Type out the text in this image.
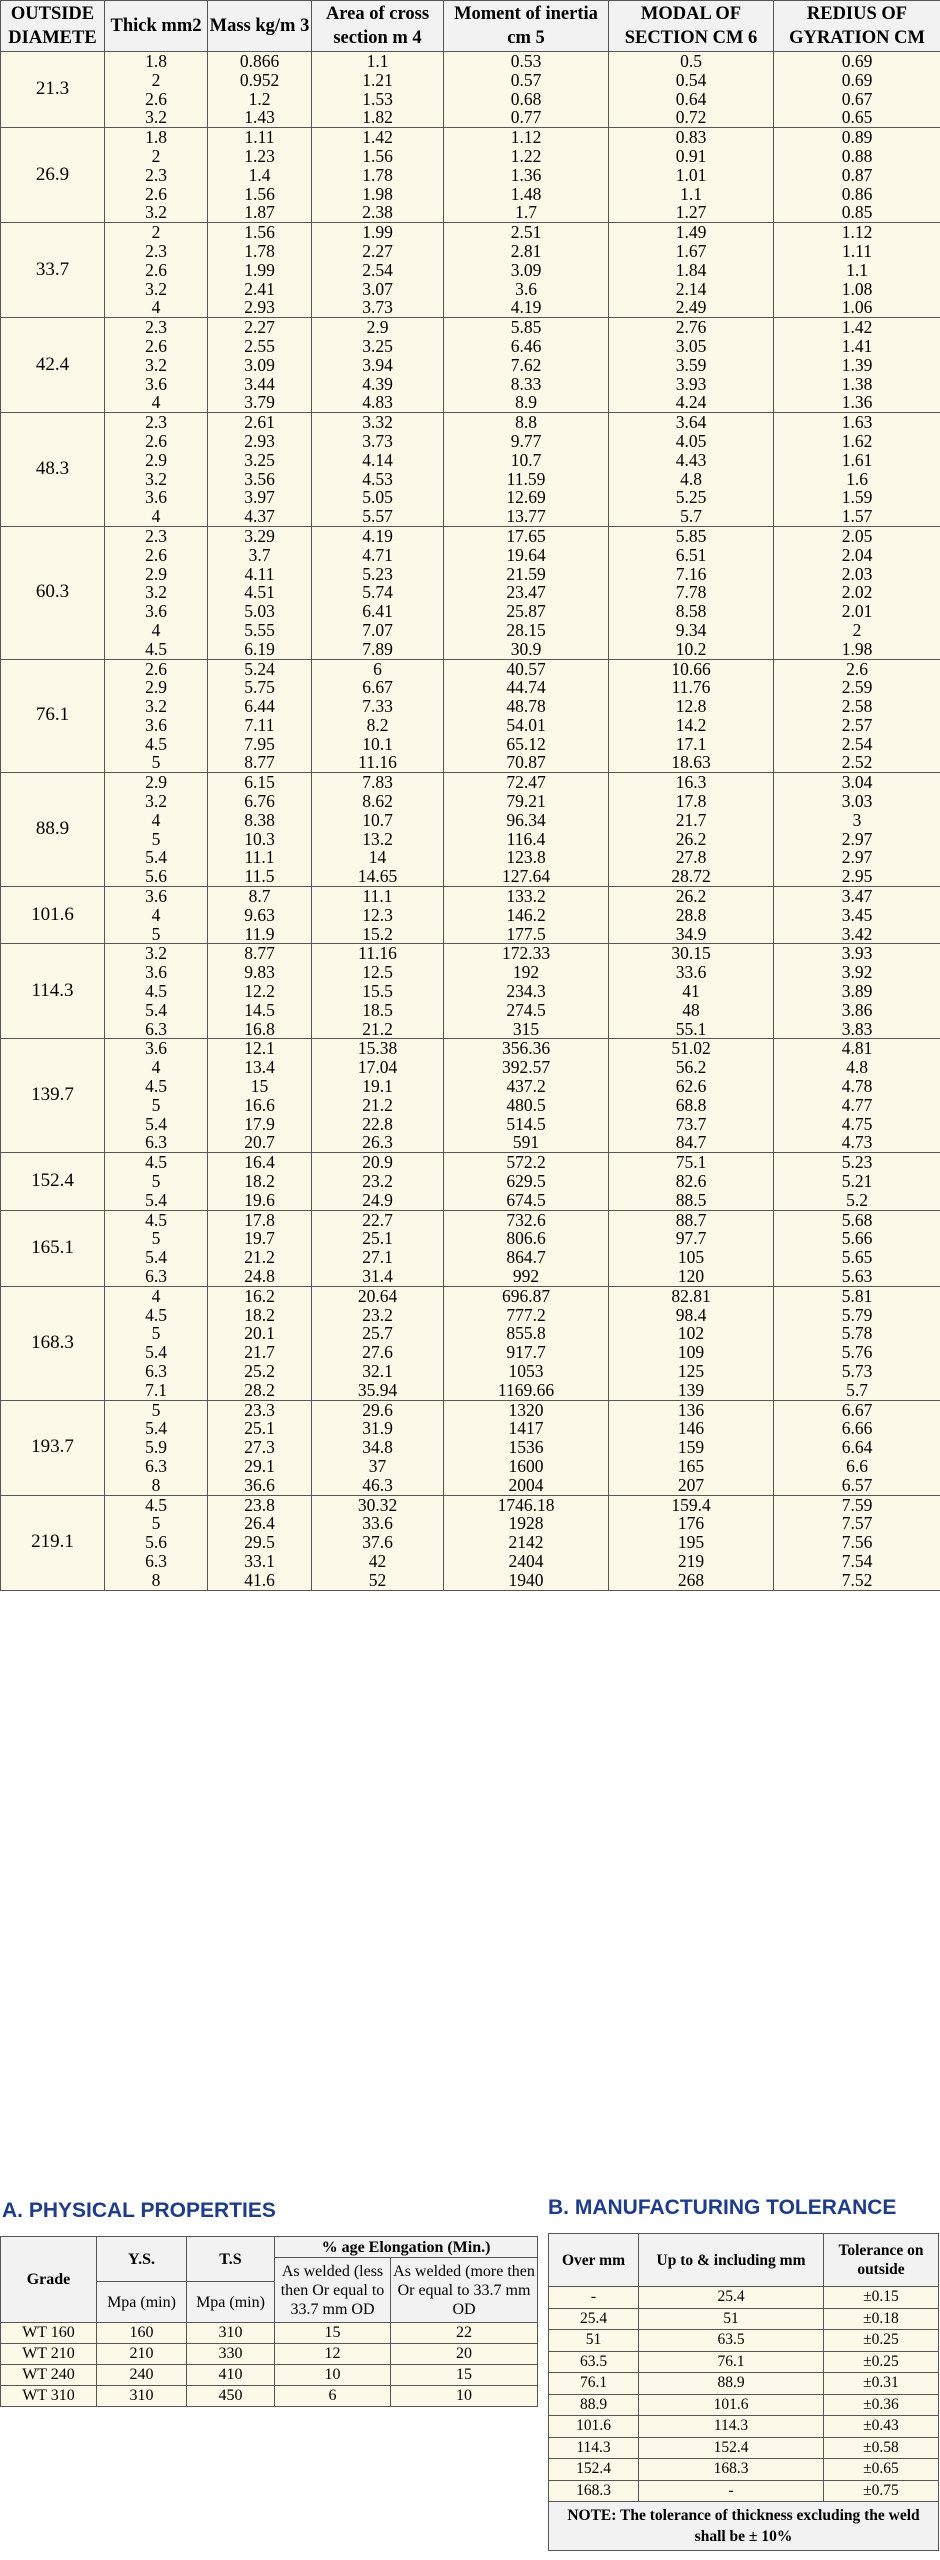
OUTSIDE DIAMETE	Thick mm2	Mass kg/m 3	Area of cross section m 4	Moment of inertia cm 5	MODAL OF SECTION CM 6	REDIUS OF GYRATION CM
21.3	1.8	0.866	1.1	0.53	0.5	0.69
	2	0.952	1.21	0.57	0.54	0.69
	2.6	1.2	1.53	0.68	0.64	0.67
	3.2	1.43	1.82	0.77	0.72	0.65
26.9	1.8	1.11	1.42	1.12	0.83	0.89
	2	1.23	1.56	1.22	0.91	0.88
	2.3	1.4	1.78	1.36	1.01	0.87
	2.6	1.56	1.98	1.48	1.1	0.86
	3.2	1.87	2.38	1.7	1.27	0.85
33.7	2	1.56	1.99	2.51	1.49	1.12
	2.3	1.78	2.27	2.81	1.67	1.11
	2.6	1.99	2.54	3.09	1.84	1.1
	3.2	2.41	3.07	3.6	2.14	1.08
	4	2.93	3.73	4.19	2.49	1.06
42.4	2.3	2.27	2.9	5.85	2.76	1.42
	2.6	2.55	3.25	6.46	3.05	1.41
	3.2	3.09	3.94	7.62	3.59	1.39
	3.6	3.44	4.39	8.33	3.93	1.38
	4	3.79	4.83	8.9	4.24	1.36
48.3	2.3	2.61	3.32	8.8	3.64	1.63
	2.6	2.93	3.73	9.77	4.05	1.62
	2.9	3.25	4.14	10.7	4.43	1.61
	3.2	3.56	4.53	11.59	4.8	1.6
	3.6	3.97	5.05	12.69	5.25	1.59
	4	4.37	5.57	13.77	5.7	1.57
60.3	2.3	3.29	4.19	17.65	5.85	2.05
	2.6	3.7	4.71	19.64	6.51	2.04
	2.9	4.11	5.23	21.59	7.16	2.03
	3.2	4.51	5.74	23.47	7.78	2.02
	3.6	5.03	6.41	25.87	8.58	2.01
	4	5.55	7.07	28.15	9.34	2
	4.5	6.19	7.89	30.9	10.2	1.98
76.1	2.6	5.24	6	40.57	10.66	2.6
	2.9	5.75	6.67	44.74	11.76	2.59
	3.2	6.44	7.33	48.78	12.8	2.58
	3.6	7.11	8.2	54.01	14.2	2.57
	4.5	7.95	10.1	65.12	17.1	2.54
	5	8.77	11.16	70.87	18.63	2.52
88.9	2.9	6.15	7.83	72.47	16.3	3.04
	3.2	6.76	8.62	79.21	17.8	3.03
	4	8.38	10.7	96.34	21.7	3
	5	10.3	13.2	116.4	26.2	2.97
	5.4	11.1	14	123.8	27.8	2.97
	5.6	11.5	14.65	127.64	28.72	2.95
101.6	3.6	8.7	11.1	133.2	26.2	3.47
	4	9.63	12.3	146.2	28.8	3.45
	5	11.9	15.2	177.5	34.9	3.42
114.3	3.2	8.77	11.16	172.33	30.15	3.93
	3.6	9.83	12.5	192	33.6	3.92
	4.5	12.2	15.5	234.3	41	3.89
	5.4	14.5	18.5	274.5	48	3.86
	6.3	16.8	21.2	315	55.1	3.83
139.7	3.6	12.1	15.38	356.36	51.02	4.81
	4	13.4	17.04	392.57	56.2	4.8
	4.5	15	19.1	437.2	62.6	4.78
	5	16.6	21.2	480.5	68.8	4.77
	5.4	17.9	22.8	514.5	73.7	4.75
	6.3	20.7	26.3	591	84.7	4.73
152.4	4.5	16.4	20.9	572.2	75.1	5.23
	5	18.2	23.2	629.5	82.6	5.21
	5.4	19.6	24.9	674.5	88.5	5.2
165.1	4.5	17.8	22.7	732.6	88.7	5.68
	5	19.7	25.1	806.6	97.7	5.66
	5.4	21.2	27.1	864.7	105	5.65
	6.3	24.8	31.4	992	120	5.63
168.3	4	16.2	20.64	696.87	82.81	5.81
	4.5	18.2	23.2	777.2	98.4	5.79
	5	20.1	25.7	855.8	102	5.78
	5.4	21.7	27.6	917.7	109	5.76
	6.3	25.2	32.1	1053	125	5.73
	7.1	28.2	35.94	1169.66	139	5.7
193.7	5	23.3	29.6	1320	136	6.67
	5.4	25.1	31.9	1417	146	6.66
	5.9	27.3	34.8	1536	159	6.64
	6.3	29.1	37	1600	165	6.6
	8	36.6	46.3	2004	207	6.57
219.1	4.5	23.8	30.32	1746.18	159.4	7.59
	5	26.4	33.6	1928	176	7.57
	5.6	29.5	37.6	2142	195	7.56
	6.3	33.1	42	2404	219	7.54
	8	41.6	52	1940	268	7.52
A. PHYSICAL PROPERTIES
Grade	Y.S.	T.S	% age Elongation (Min.)	
			As welded (less then Or equal to 33.7 mm OD	As welded (more then Or equal to 33.7 mm OD
	Mpa (min)	Mpa (min)		
WT 160	160	310	15	22
WT 210	210	330	12	20
WT 240	240	410	10	15
WT 310	310	450	6	10
B. MANUFACTURING TOLERANCE
Over mm	Up to & including mm	Tolerance on outside
-	25.4	±0.15
25.4	51	±0.18
51	63.5	±0.25
63.5	76.1	±0.25
76.1	88.9	±0.31
88.9	101.6	±0.36
101.6	114.3	±0.43
114.3	152.4	±0.58
152.4	168.3	±0.65
168.3	-	±0.75
NOTE: The tolerance of thickness excluding the weld shall be ± 10%		
